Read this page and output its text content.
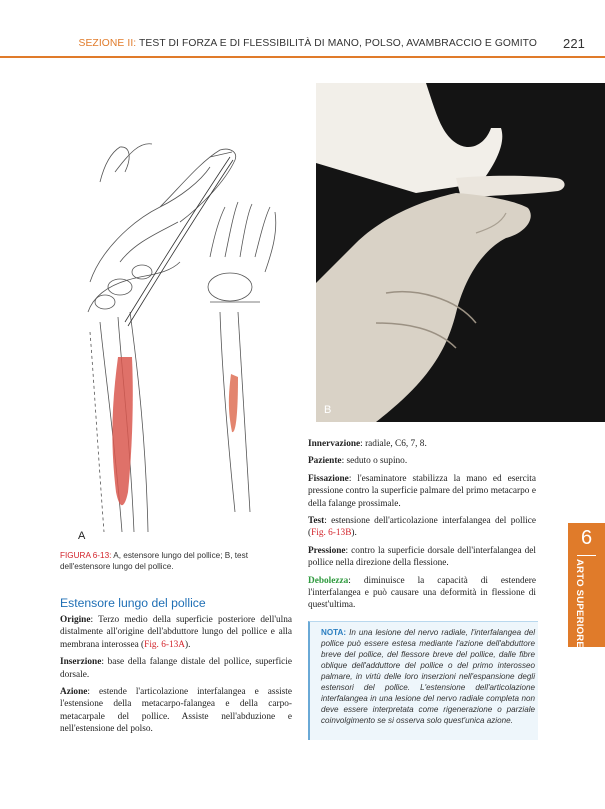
SEZIONE II: TEST DI FORZA E DI FLESSIBILITÀ DI MANO, POLSO, AVAMBRACCIO E GOMITO 221
B
A
FIGURA 6-13: A, estensore lungo del pollice; B, test dell'estensore lungo del pollice.
Estensore lungo del pollice

Origine: Terzo medio della superficie posteriore dell'ulna distalmente all'origine dell'abduttore lungo del pollice e alla membrana interossea (Fig. 6-13A).

Inserzione: base della falange distale del pollice, superficie dorsale.

Azione: estende l'articolazione interfalangea e assiste l'estensione della metacarpo-falangea e della carpo-metacarpale del pollice. Assiste nell'abduzione e nell'estensione del polso.

Innervazione: radiale, C6, 7, 8.

Paziente: seduto o supino.

Fissazione: l'esaminatore stabilizza la mano ed esercita pressione contro la superficie palmare del primo metacarpo e della falange prossimale.

Test: estensione dell'articolazione interfalangea del pollice (Fig. 6-13B).

Pressione: contro la superficie dorsale dell'interfalangea del pollice nella direzione della flessione.

Debolezza: diminuisce la capacità di estendere l'interfalangea e può causare una deformità in flessione di quest'ultima.

NOTA: In una lesione del nervo radiale, l'interfalangea del pollice può essere estesa mediante l'azione dell'abduttore breve del pollice, del flessore breve del pollice, dalle fibre oblique dell'adduttore del pollice o del primo interosseo palmare, in virtù delle loro inserzioni nell'espansione degli estensori del pollice. L'estensione dell'articolazione interfalangea in una lesione del nervo radiale completa non deve essere interpretata come rigenerazione o parziale coinvolgimento se si osserva solo quest'unica azione.
6
ARTO SUPERIORE
